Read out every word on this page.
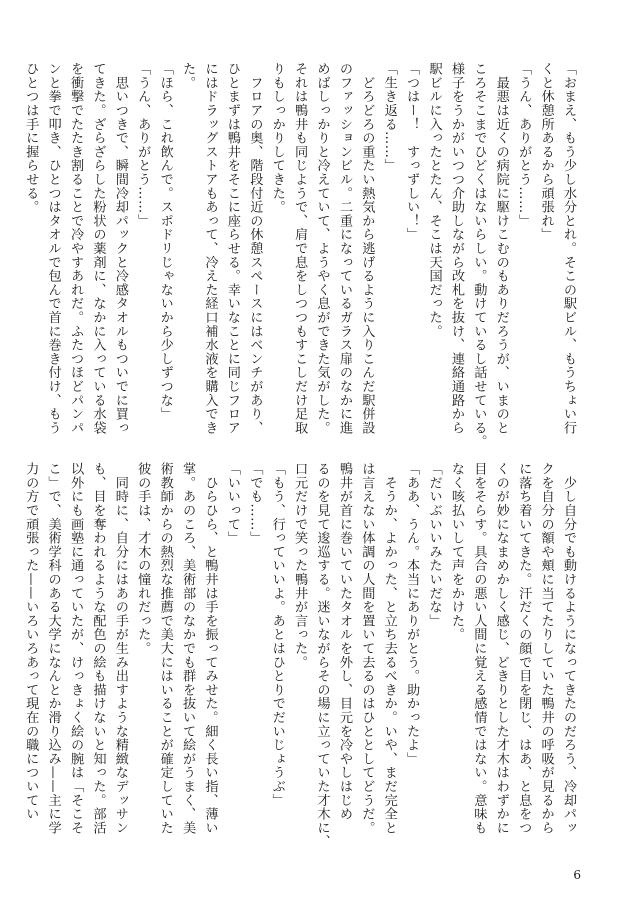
「おまえ、もう少し水分とれ。そこの駅ビル、もうちょい行
くと休憩所あるから頑張れ」
「うん、ありがとう……」
　最悪は近くの病院に駆けこむのもありだろうが、いまのと
ころそこまでひどくはないらしい。動けているし話せている。
様子をうかがいつつ介助しながら改札を抜け、連絡通路から
駅ビルに入ったとたん、そこは天国だった。
「つはー！　すっずしい！」
「生き返る……」
　どろどろの重たい熱気から逃げるように入りこんだ駅併設
のファッションビル。二重になっているガラス扉のなかに進
めばしっかりと冷えていて、ようやく息ができた気がした。
それは鴨井も同じようで、肩で息をしつつもすこしだけ足取
りもしっかりしてきた。
　フロアの奥、階段付近の休憩スペースにはベンチがあり、
ひとまずは鴨井をそこに座らせる。幸いなことに同じフロア
にはドラッグストアもあって、冷えた経口補水液を購入でき
た。
「ほら、これ飲んで。スポドリじゃないから少しずつな」
「うん、ありがとう……」
　思いつきで、瞬間冷却パックと冷感タオルもついでに買っ
てきた。ざらざらした粉状の薬剤に、なかに入っている水袋
を衝撃でたたき割ることで冷やすあれだ。ふたつほどパンパ
ンと拳で叩き、ひとつはタオルで包んで首に巻き付け、もう
ひとつは手に握らせる。
　少し自分でも動けるようになってきたのだろう、冷却パッ
クを自分の額や頬に当てたりしていた鴨井の呼吸が見るから
に落ち着いてきた。汗だくの顔で目を閉じ、はあ、と息をつ
くのが妙になまめかしく感じ、どきりとした才木はわずかに
目をそらす。具合の悪い人間に覚える感情ではない。意味も
なく咳払いして声をかけた。
「だいぶいいみたいだな」
「ああ、うん。本当にありがとう。助かったよ」
　そうか、よかった、と立ち去るべきか。いや、まだ完全と
は言えない体調の人間を置いて去るのはひととしてどうだ。
鴨井が首に巻いていたタオルを外し、目元を冷やしはじめ
るのを見て逡巡する。迷いながらその場に立っていた才木に、
口元だけで笑った鴨井が言った。
「もう、行っていいよ。あとはひとりでだいじょうぶ」
「でも……」
「いいって」
　ひらひら、と鴨井は手を振ってみせた。細く長い指、薄い
掌。あのころ、美術部のなかでも群を抜いて絵がうまく、美
術教師からの熱烈な推薦で美大にはいることが確定していた
彼の手は、才木の憧れだった。
　同時に、自分にはあの手が生み出すような精緻なデッサン
も、目を奪われるような配色の絵も描けないと知った。部活
以外にも画塾に通っていたが、けっきょく絵の腕は「そこそ
こ」で、美術学科のある大学になんとか滑り込み——主に学
力の方で頑張った——いろいろあって現在の職についてい
6
